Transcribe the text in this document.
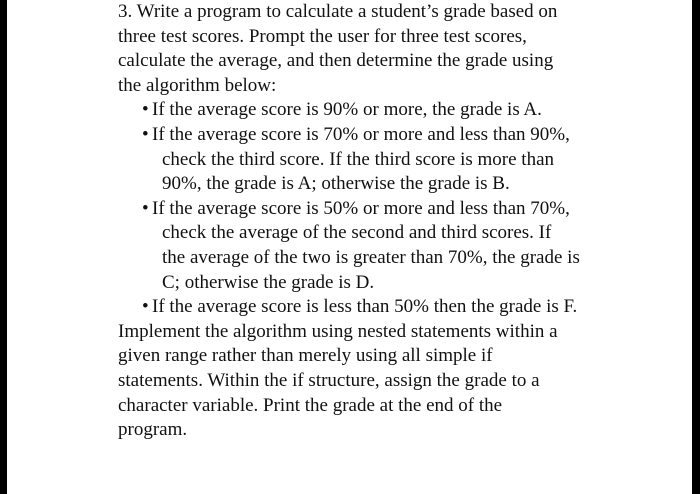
3. Write a program to calculate a student’s grade based on
three test scores. Prompt the user for three test scores,
calculate the average, and then determine the grade using
the algorithm below:
• If the average score is 90% or more, the grade is A.
• If the average score is 70% or more and less than 90%,
check the third score. If the third score is more than
90%, the grade is A; otherwise the grade is B.
• If the average score is 50% or more and less than 70%,
check the average of the second and third scores. If
the average of the two is greater than 70%, the grade is
C; otherwise the grade is D.
• If the average score is less than 50% then the grade is F.
Implement the algorithm using nested statements within a
given range rather than merely using all simple if
statements. Within the if structure, assign the grade to a
character variable. Print the grade at the end of the
program.
